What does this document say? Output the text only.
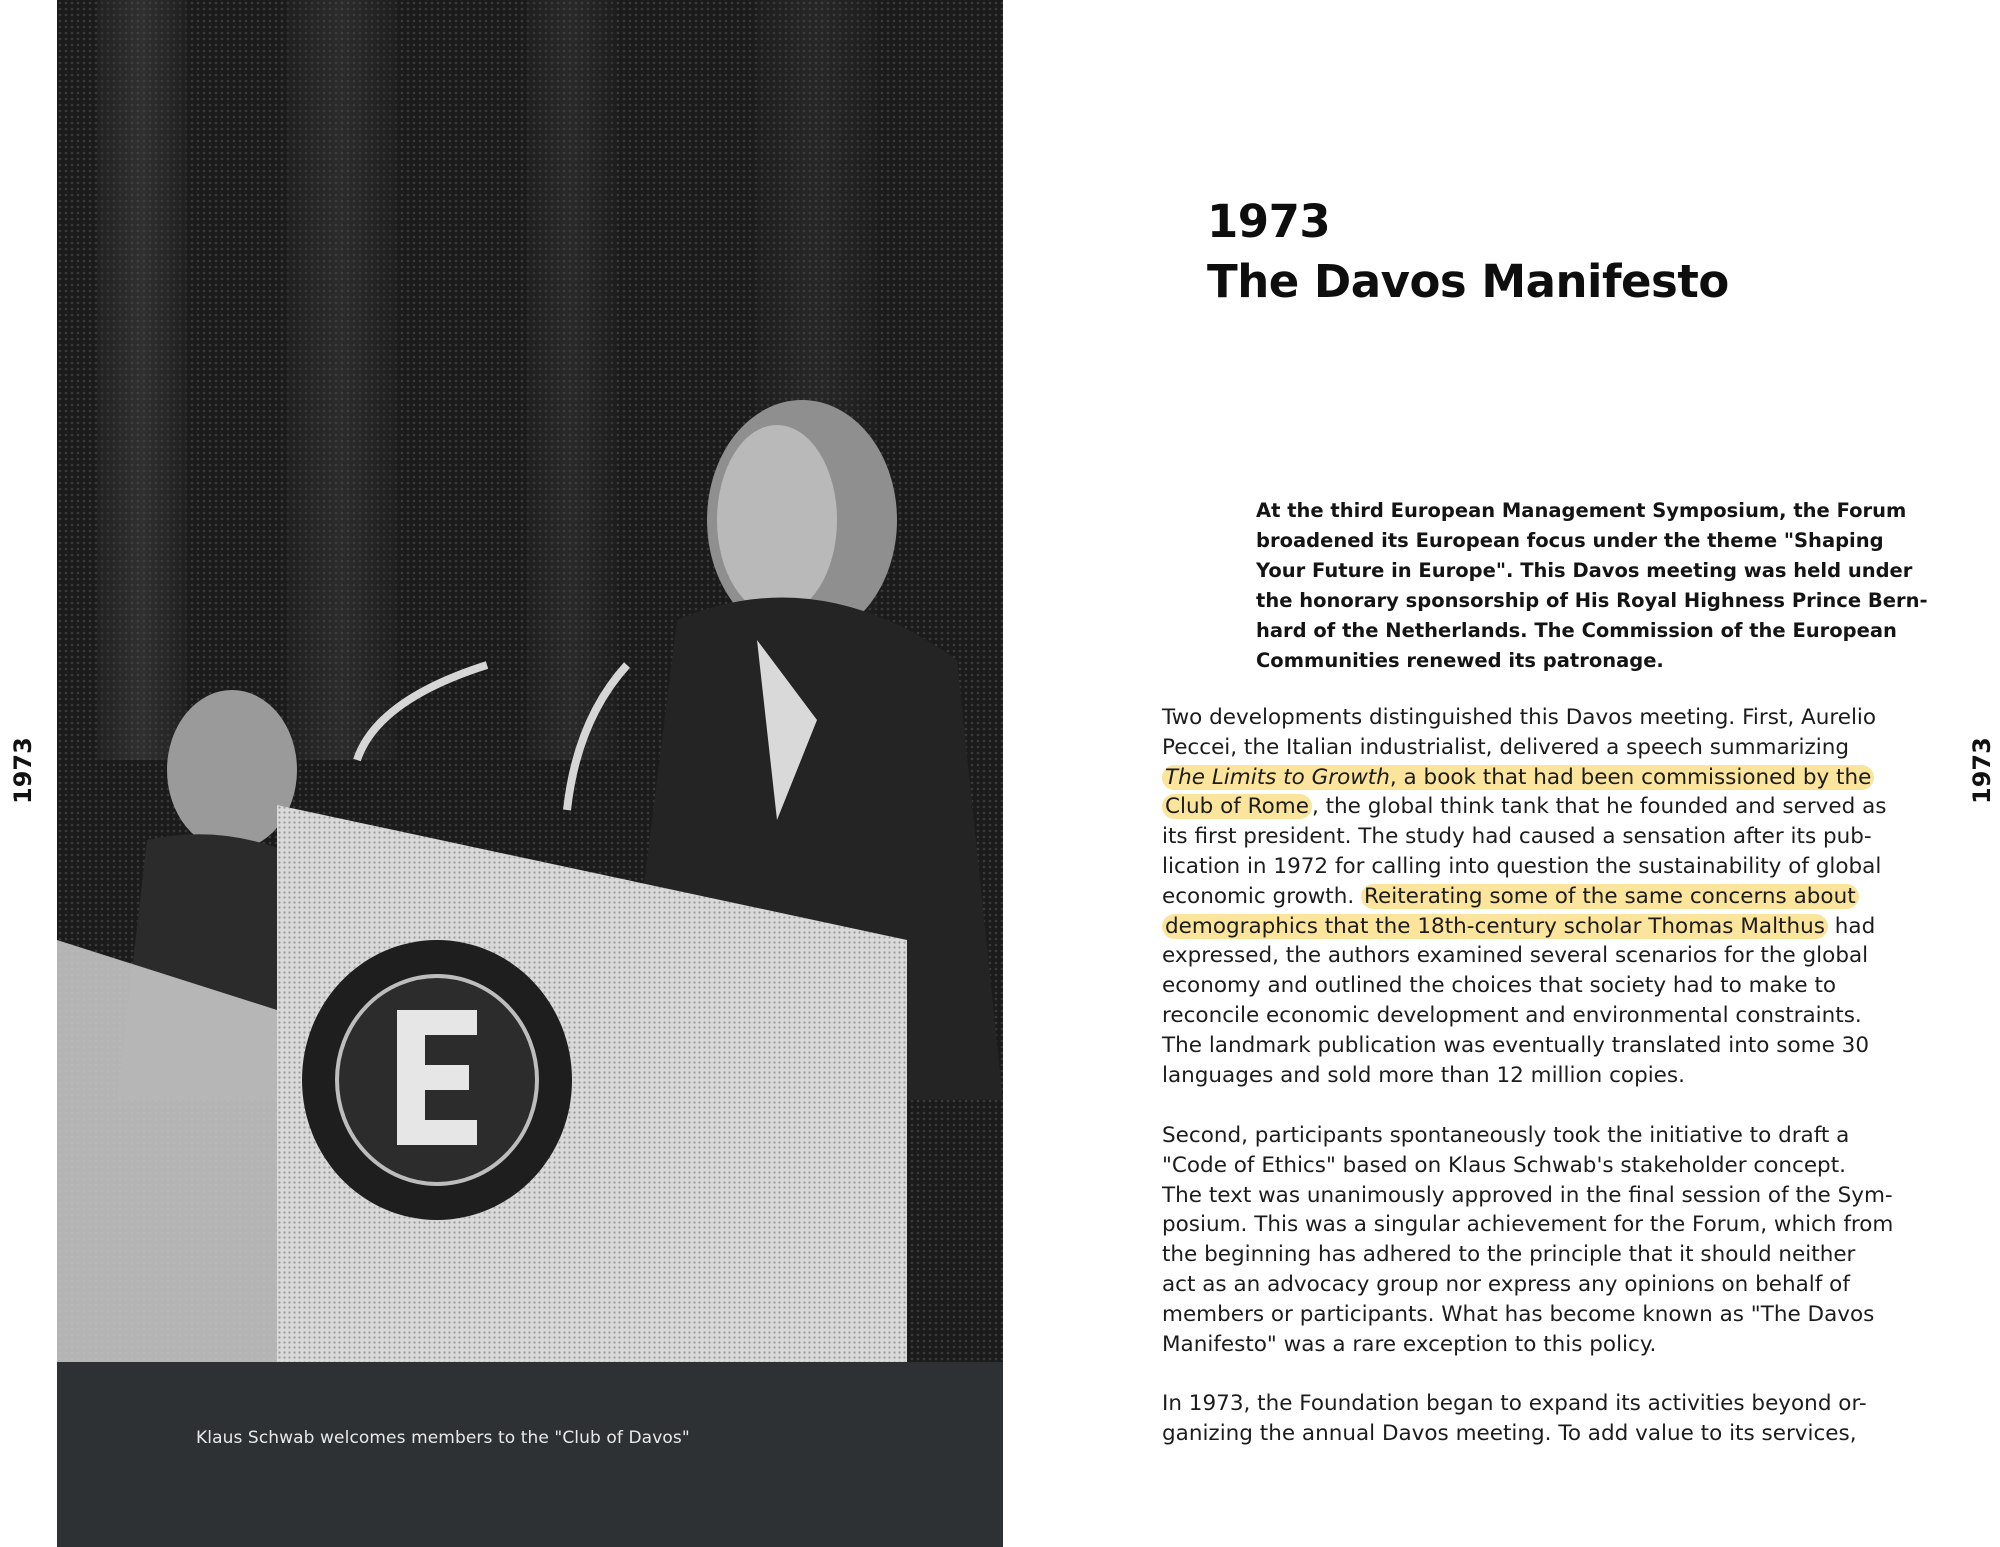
1973	1973
Klaus Schwab welcomes members to the "Club of Davos"
1973
The Davos Manifesto
At the third European Management Symposium, the Forum
broadened its European focus under the theme "Shaping
Your Future in Europe". This Davos meeting was held under
the honorary sponsorship of His Royal Highness Prince Bern-
hard of the Netherlands. The Commission of the European
Communities renewed its patronage.
Two developments distinguished this Davos meeting. First, Aurelio
Peccei, the Italian industrialist, delivered a speech summarizing
The Limits to Growth, a book that had been commissioned by the
Club of Rome , the global think tank that he founded and served as
its first president. The study had caused a sensation after its pub-
lication in 1972 for calling into question the sustainability of global
economic growth. Reiterating some of the same concerns about
demographics that the 18th-century scholar Thomas Malthus had
expressed, the authors examined several scenarios for the global
economy and outlined the choices that society had to make to
reconcile economic development and environmental constraints.
The landmark publication was eventually translated into some 30
languages and sold more than 12 million copies.
Second, participants spontaneously took the initiative to draft a
"Code of Ethics" based on Klaus Schwab's stakeholder concept.
The text was unanimously approved in the final session of the Sym-
posium. This was a singular achievement for the Forum, which from
the beginning has adhered to the principle that it should neither
act as an advocacy group nor express any opinions on behalf of
members or participants. What has become known as "The Davos
Manifesto" was a rare exception to this policy.
In 1973, the Foundation began to expand its activities beyond or-
ganizing the annual Davos meeting. To add value to its services,
